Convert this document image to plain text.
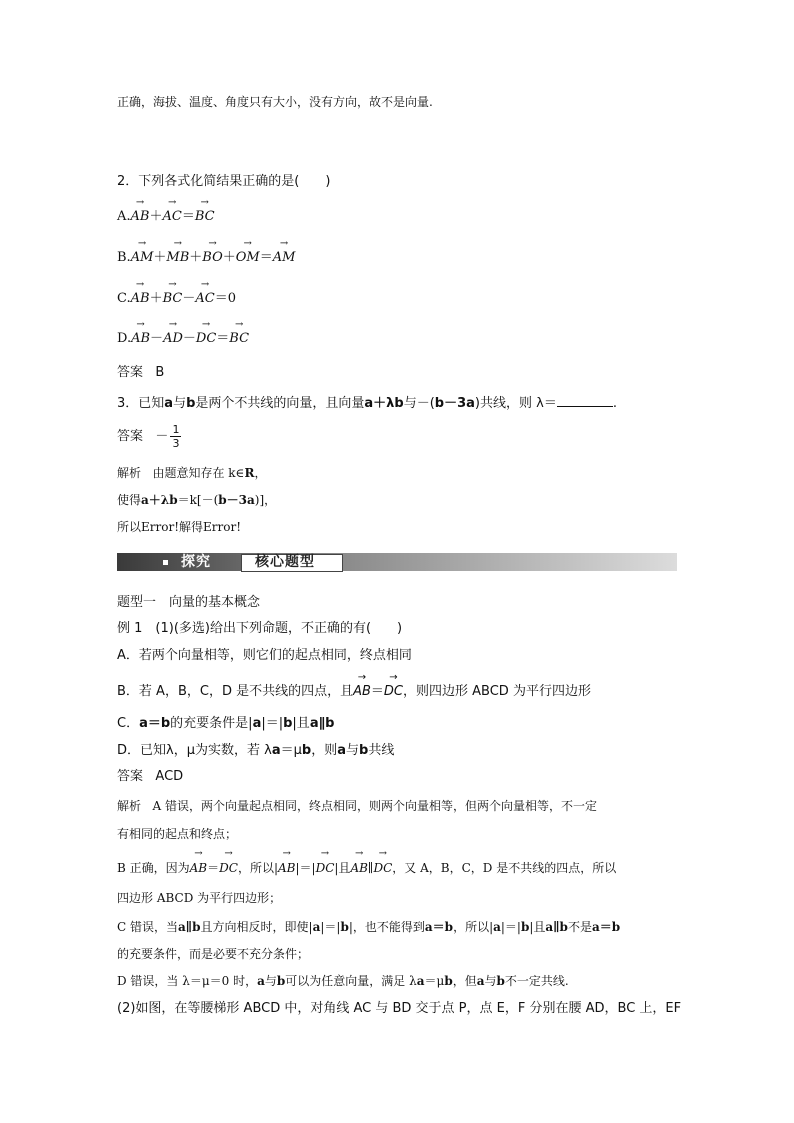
正确，海拔、温度、角度只有大小，没有方向，故不是向量.
2．下列各式化简结果正确的是(　　)
A.→ AB＋→ AC＝→ BC
B.→ AM＋→ MB＋→ BO＋→ OM＝→ AM
C.→ AB＋→ BC－→ AC＝0
D.→ AB－→ AD－→ DC＝→ BC
答案 B
3．已知a与b是两个不共线的向量，且向量a＋λb与－(b－3a)共线，则 λ＝	.
答案 － $\frac{1}{3}$
解析 由题意知存在 k∈R，
使得a＋λb＝k[－(b－3a)]，
所以Error!解得Error!
探究	核心题型
题型一　向量的基本概念
例 1　(1)(多选)给出下列命题，不正确的有(　　)
A．若两个向量相等，则它们的起点相同，终点相同
B．若 A，B，C，D 是不共线的四点，且→ AB＝→ DC，则四边形 ABCD 为平行四边形
C．a＝b的充要条件是|a|＝|b|且a∥b
D．已知λ，μ为实数，若 λa＝μb，则a与b共线
答案 ACD
解析 A 错误，两个向量起点相同，终点相同，则两个向量相等，但两个向量相等，不一定
有相同的起点和终点；
B 正确，因为→ AB＝→ DC，所以|→ AB|＝|→ DC|且→ AB∥→ DC，又 A，B，C，D 是不共线的四点，所以
四边形 ABCD 为平行四边形；
C 错误，当a∥b且方向相反时，即使|a|＝|b|，也不能得到a＝b，所以|a|＝|b|且a∥b不是a＝b
的充要条件，而是必要不充分条件；
D 错误，当 λ＝μ＝0 时，a与b可以为任意向量，满足 λa＝μb，但a与b不一定共线.
(2)如图，在等腰梯形 ABCD 中，对角线 AC 与 BD 交于点 P，点 E，F 分别在腰 AD，BC 上，EF
